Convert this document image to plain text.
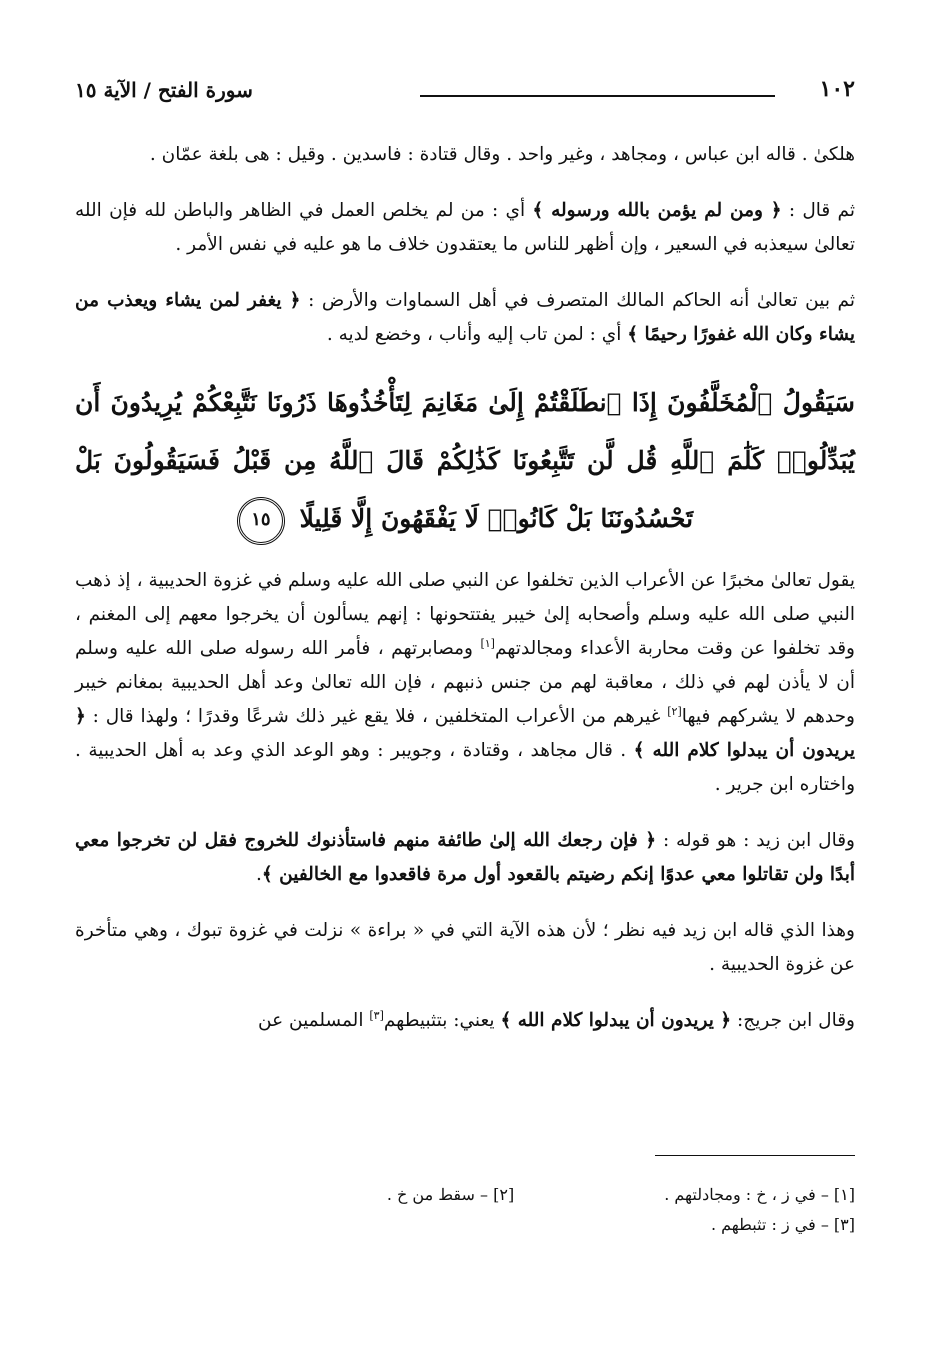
١٠٢
سورة الفتح / الآية ١٥

هلكىٰ . قاله ابن عباس ، ومجاهد ، وغير واحد . وقال قتادة : فاسدين . وقيل : هى بلغة عمّان .

ثم قال : ﴿ ومن لم يؤمن بالله ورسوله ﴾ أي : من لم يخلص العمل في الظاهر والباطن لله فإن الله تعالىٰ سيعذبه في السعير ، وإن أظهر للناس ما يعتقدون خلاف ما هو عليه في نفس الأمر .

ثم بين تعالىٰ أنه الحاكم المالك المتصرف في أهل السماوات والأرض : ﴿ يغفر لمن يشاء ويعذب من يشاء وكان الله غفورًا رحيمًا ﴾ أي : لمن تاب إليه وأناب ، وخضع لديه .

سَيَقُولُ ٱلْمُخَلَّفُونَ إِذَا ٱنطَلَقْتُمْ إِلَىٰ مَغَانِمَ لِتَأْخُذُوهَا ذَرُونَا نَتَّبِعْكُمْ يُرِيدُونَ أَن يُبَدِّلُوا۟ كَلَٰمَ ٱللَّهِ قُل لَّن تَتَّبِعُونَا كَذَٰلِكُمْ قَالَ ٱللَّهُ مِن قَبْلُ فَسَيَقُولُونَ بَلْ تَحْسُدُونَنَا بَلْ كَانُوا۟ لَا يَفْقَهُونَ إِلَّا قَلِيلًا ١٥

يقول تعالىٰ مخبرًا عن الأعراب الذين تخلفوا عن النبي صلى الله عليه وسلم في غزوة الحديبية ، إذ ذهب النبي صلى الله عليه وسلم وأصحابه إلىٰ خيبر يفتتحونها : إنهم يسألون أن يخرجوا معهم إلى المغنم ، وقد تخلفوا عن وقت محاربة الأعداء ومجالدتهم[١] ومصابرتهم ، فأمر الله رسوله صلى الله عليه وسلم أن لا يأذن لهم في ذلك ، معاقبة لهم من جنس ذنبهم ، فإن الله تعالىٰ وعد أهل الحديبية بمغانم خيبر وحدهم لا يشركهم فيها[٢] غيرهم من الأعراب المتخلفين ، فلا يقع غير ذلك شرعًا وقدرًا ؛ ولهذا قال : ﴿ يريدون أن يبدلوا كلام الله ﴾ . قال مجاهد ، وقتادة ، وجويبر : وهو الوعد الذي وعد به أهل الحديبية . واختاره ابن جرير .

وقال ابن زيد : هو قوله : ﴿ فإن رجعك الله إلىٰ طائفة منهم فاستأذنوك للخروج فقل لن تخرجوا معي أبدًا ولن تقاتلوا معي عدوًا إنكم رضيتم بالقعود أول مرة فاقعدوا مع الخالفين ﴾.

وهذا الذي قاله ابن زيد فيه نظر ؛ لأن هذه الآية التي في « براءة » نزلت في غزوة تبوك ، وهي متأخرة عن غزوة الحديبية .

وقال ابن جريج: ﴿ يريدون أن يبدلوا كلام الله ﴾ يعني: بتثبيطهم[٣] المسلمين عن

[١] – في ز ، خ : ومجادلتهم .
[٢] – سقط من خ .
[٣] – في ز : تثبطهم .
